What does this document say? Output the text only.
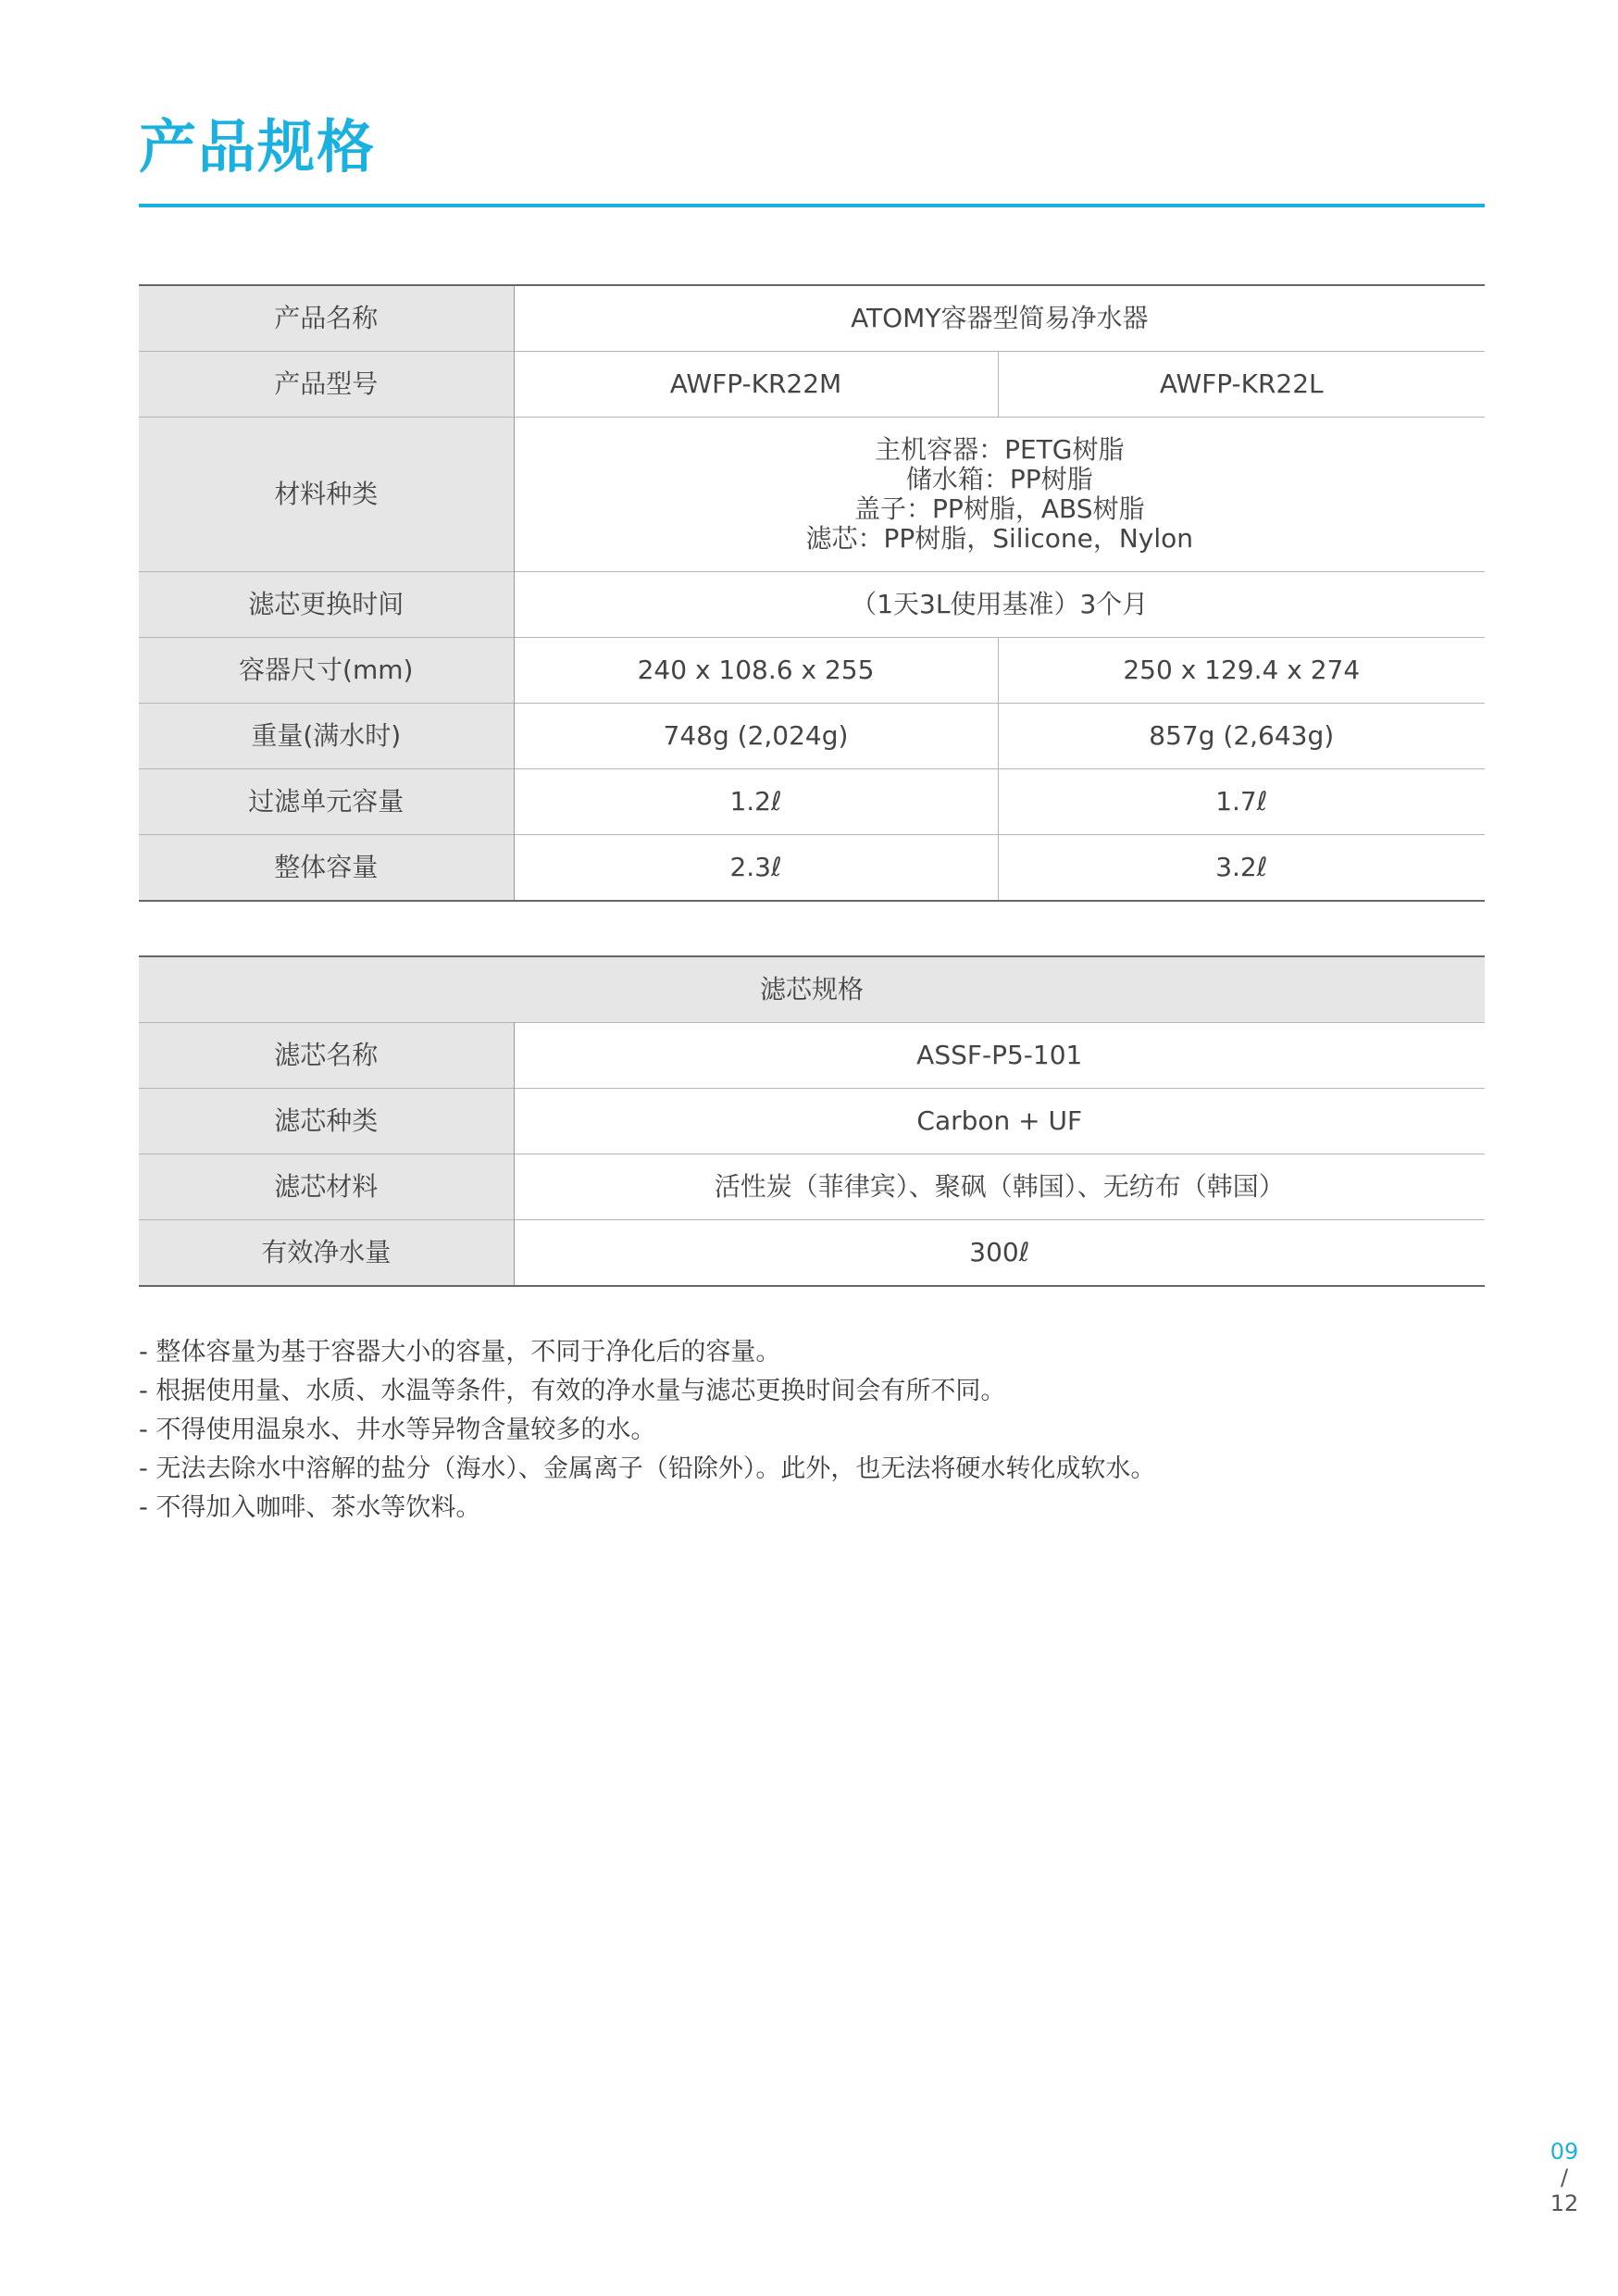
产品规格
产品名称	ATOMY容器型简易净水器	
产品型号	AWFP-KR22M	AWFP-KR22L
材料种类	主机容器：PETG树脂
储水箱：PP树脂
盖子：PP树脂，ABS树脂
滤芯：PP树脂，Silicone，Nylon	

滤芯更换时间	（1天3L使用基准）3个月	
容器尺寸(mm)	240 x 108.6 x 255	250 x 129.4 x 274
重量(满水时)	748g (2,024g)	857g (2,643g)
过滤单元容量	1.2ℓ	1.7ℓ
整体容量	2.3ℓ	3.2ℓ
滤芯规格	
滤芯名称	ASSF-P5-101
滤芯种类	Carbon + UF
滤芯材料	活性炭（菲律宾）、聚砜（韩国）、无纺布（韩国）
有效净水量	300ℓ
- 整体容量为基于容器大小的容量，不同于净化后的容量。
- 根据使用量、水质、水温等条件，有效的净水量与滤芯更换时间会有所不同。
- 不得使用温泉水、井水等异物含量较多的水。
- 无法去除水中溶解的盐分（海水）、金属离子（铅除外）。此外，也无法将硬水转化成软水。
- 不得加入咖啡、茶水等饮料。
09
/
12
